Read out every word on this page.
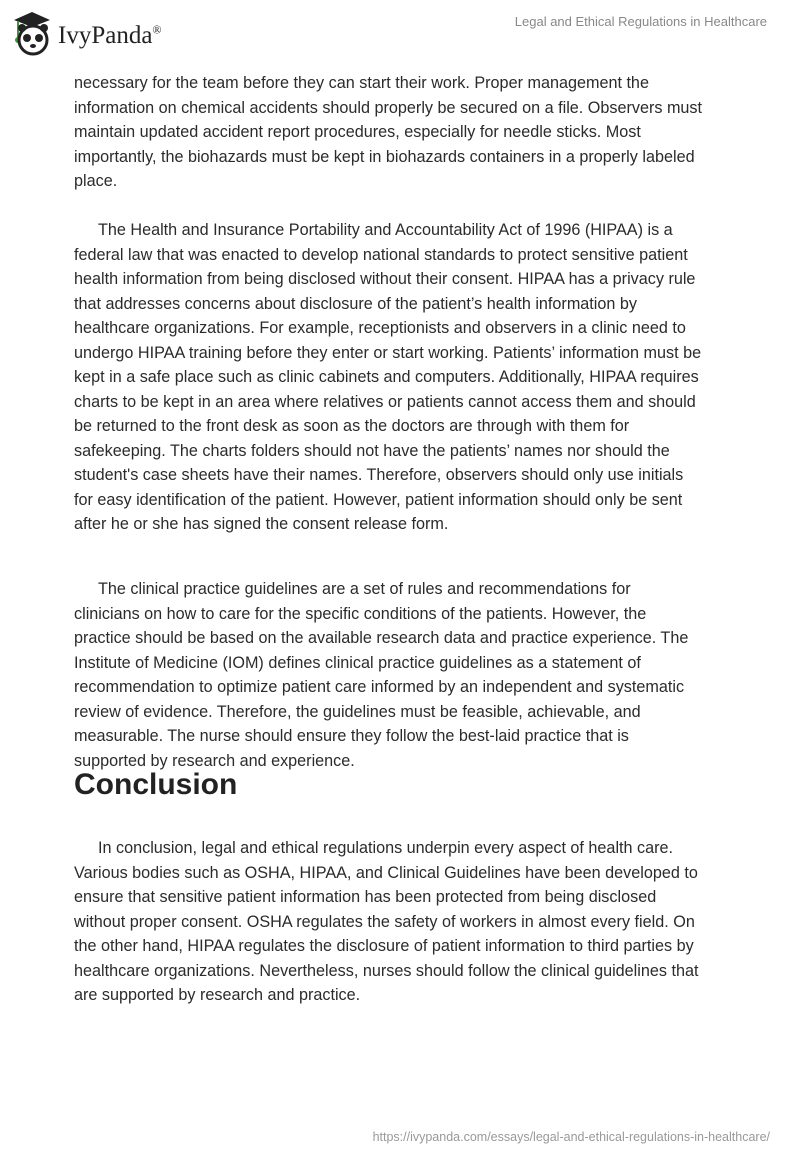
IvyPanda®
Legal and Ethical Regulations in Healthcare
necessary for the team before they can start their work. Proper management the
information on chemical accidents should properly be secured on a file. Observers must
maintain updated accident report procedures, especially for needle sticks. Most
importantly, the biohazards must be kept in biohazards containers in a properly labeled
place.
The Health and Insurance Portability and Accountability Act of 1996 (HIPAA) is a
federal law that was enacted to develop national standards to protect sensitive patient
health information from being disclosed without their consent. HIPAA has a privacy rule
that addresses concerns about disclosure of the patient’s health information by
healthcare organizations. For example, receptionists and observers in a clinic need to
undergo HIPAA training before they enter or start working. Patients’ information must be
kept in a safe place such as clinic cabinets and computers. Additionally, HIPAA requires
charts to be kept in an area where relatives or patients cannot access them and should
be returned to the front desk as soon as the doctors are through with them for
safekeeping. The charts folders should not have the patients’ names nor should the
student's case sheets have their names. Therefore, observers should only use initials
for easy identification of the patient. However, patient information should only be sent
after he or she has signed the consent release form.
The clinical practice guidelines are a set of rules and recommendations for
clinicians on how to care for the specific conditions of the patients. However, the
practice should be based on the available research data and practice experience. The
Institute of Medicine (IOM) defines clinical practice guidelines as a statement of
recommendation to optimize patient care informed by an independent and systematic
review of evidence. Therefore, the guidelines must be feasible, achievable, and
measurable. The nurse should ensure they follow the best-laid practice that is
supported by research and experience.
In conclusion, legal and ethical regulations underpin every aspect of health care.
Various bodies such as OSHA, HIPAA, and Clinical Guidelines have been developed to
ensure that sensitive patient information has been protected from being disclosed
without proper consent. OSHA regulates the safety of workers in almost every field. On
the other hand, HIPAA regulates the disclosure of patient information to third parties by
healthcare organizations. Nevertheless, nurses should follow the clinical guidelines that
are supported by research and practice.
Conclusion
https://ivypanda.com/essays/legal-and-ethical-regulations-in-healthcare/
